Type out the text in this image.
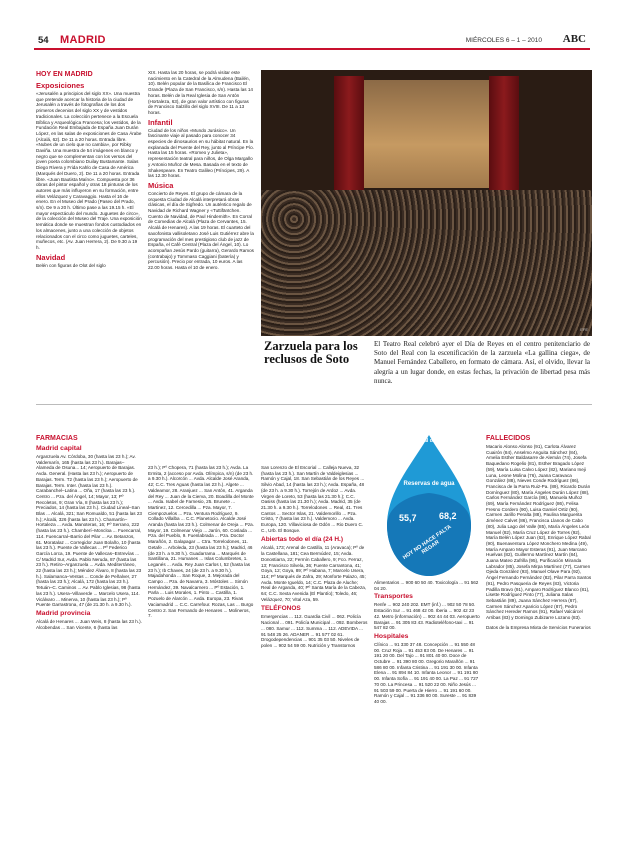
54 MADRID	MIÉRCOLES 6 – 1 – 2010 ABC
HOY EN MADRID
Exposiciones

«Jerusalén a principios del siglo XX». Una muestra que pretende acercar la historia de la ciudad de Jerusalén a través de fotografías de los dos primeros decenios del siglo XX y de vestidos tradicionales. La colección pertenece a la Escuela Bíblica y Arqueológica Francesa; los vestidos, de la Fundación Real Embajada de España Juan Durán López, en las salas de exposiciones de Casa Árabe (Alcalá, 62). De 11 a 20 horas. Entrada libre. «Nubes de un cielo que no cambia», por Ribky Daviña. Una muestra de 54 imágenes en blanco y negro que se complementan con los versos del joven poeta colombiano Duilay Bustamante. Salas Diego Rivera y Frida Kahlo de Casa de América (Marqués del Duero, 2). De 11 a 20 horas. Entrada libre. «Juan Bautista Maíno». Compuesta por 36 obras del pintor español y otras 18 pinturas de los autores que más influyeron en su formación, entre ellos Velázquez y Caravaggio. Hasta el 16 de enero. En el Museo del Prado (Paseo del Prado, s/n). De 9 a 20 h. Último pase a las 19.15 h. «El mayor espectáculo del mundo. Juguetes de circo», de la colección del Museo del Traje. Una exposición temática donde se muestran fondos custodiados en los almacenes, junto a una colección de objetos relacionados con el circo como juguetes, carteles, muñecos, etc. (Av. Juan Herrera, 2). De 9.30 a 19 h.

Navidad

Belén con figuras de Olot del siglo

XIX. Hasta las 20 horas, se podrá visitar este nacimiento en la Catedral de la Almudena (Bailén, 10). Belén popular de la Basílica de Francisco El Grande (Plaza de San Francisco, s/n). Hasta las 14 horas. Belén de la Real Iglesia de San Antón (Hortaleza, 63), de gran valor artístico con figuras de Francisco Salzillo del siglo XVIII. De 11 a 13 horas.

Infantil

Ciudad de los niños «Mundo Jurásico». Un fascinante viaje al pasado para conocer 34 especies de dinosaurios en su hábitat natural. En la explanada del Puente del Rey, junto al Príncipe Pío. Hasta las 15 horas. «Romeo y Julieta», representación teatral para niños, de Olga Margallo y Antonio Muñoz de Mesa. Basada en el texto de Shakespeare. En Teatro Galileo (Príncipes, 29). A las 12.30 horas.

Música

Concierto de Reyes. El grupo de cámara de la orquesta Ciudad de Alcalá interpretará obras clásicas, el día de Sigfredo. Un auténtico regalo de Navidad de Richard Wagner y «Tuttifäntchen. Cuento de Navidad, de Paul Hindemith». En Corral de Comedias de Alcalá (Plaza de Cervantes, 15. Alcalá de Henares). A las 19 horas. El cuarteto del saxofonista vallisoletano José Luis Gutiérrez abre la programación del mes prestigioso club de jazz de España, el Café Central (Plaza del Ángel, 10). Lo acompañan Jesús Pardo (guitarra), Gerardo Ramos (contrabajo) y Tommaso Caggiani (batería) y percusión). Precio por entrada, 10 euros. A las 22.00 horas. Hasta el 10 de enero.

EFE
Zarzuela para los reclusos de Soto
El Teatro Real celebró ayer el Día de Reyes en el centro penitenciario de Soto del Real con la escenificación de la zarzuela «La gallina ciega», de Manuel Fernández Caballero, en formato de cámara. Así, el olvido, llevar la alegría a un lugar donde, en estas fechas, la privación de libertad pesa más nunca.
FARMACIAS
Madrid capital

Arganzuela Av. Córdoba, 30 (hasta las 23 h.); Av. Valdemarín, 165 (hasta las 23 h.). Barajas–Alameda de Osuna... 14; Aeropuerto de Barajas. Avda. General. (Hasta las 23 h.); Aeropuerto de Barajas. Term. T2 (hasta las 23 h.); Aeropuerto de Barajas. Term. Inter. (hasta las 23 h.). Carabanchel–Latina ... Oña, 17 (hasta las 23 h.). Centro ... Pza. del Ángel, 14; Mayor, 13; Pº Recoletos, 9; Gran Vía, 8 (hasta las 23 h.); Preciados, 14 (hasta las 23 h.). Ciudad Lineal–San Blas ... Alcalá, 321; San Romualdo, 51 (hasta las 23 h.); Alcalá, 326 (hasta las 23 h.). Chamartín–Hortaleza ... Avda. Manoteras, 16; Pº Serrano, 222 (hasta las 23 h.). Chamberí–Moncloa ... Fuencarral, 114. Fuencarral–Barrio del Pilar ... Av. Betanzos, 61. Moratalaz ... Corregidor Juan Bolaño, 10 (hasta las 23 h.). Puente de Vallecas ... Pº Federico García Lorca, 19. Puente de Vallecas–Entrevías ... C/ Madrid Sur, Avda. Pablo Neruda, 87 (hasta las 23 h.). Retiro–Arganzuela ... Avda. Mediterráneo, 22 (hasta las 23 h.); Méndez Álvaro, 8 (hasta las 23 h.). Salamanca–Ventas ... Conde de Peñalver, 27 (hasta las 23 h.); Alcalá, 172 (hasta las 23 h.). Tetuán–C. Caminos ... Av. Pablo Iglesias, 98 (hasta las 23 h.). Usera–Villaverde ... Marcelo Usera, 114. Vicálvaro ... Minerva, 10 (hasta las 23 h.); Pº Puente Garrastrona, 47 (de 21.30 h. a 9.30 h.).

Madrid provincia

Alcalá de Henares ... Juan Weis, 8 (hasta las 23 h.). Alcobendas ... San Vicente, 6 (hasta las

23 h.); Pº Chopera, 71 (hasta las 23 h.); Avda. La Ermita, 2 (acceso por Avda. Olímpica, s/n) (de 23 h. a 9.30 h.). Alcorcón ... Avda. Alcalde José Aranda, 42; C.C. Tres Aguas (hasta las 23 h.). Algete ... Valdeamor, 28. Aranjuez ... San Antón, 41. Arganda del Rey ... Juan de la Cierva, 20. Boadilla del Monte ... Avda. Isabel de Farnesio, 25. Brunete ... Martinez, 12. Cercedilla ... Pza. Mayor, 7. Ciempozuelos ... Pza. Ventura Rodríguez, 9. Collado Villalba ... C.C. Planetocio. Alcalde José Aranda (hasta las 23 h.). Colmenar de Oreja ... Pza. Mayor, 19. Colmenar Viejo ... Jarón, 60. Coslada ... Pza. del Pueblo, 9. Fuenlabrada ... Pza. Doctor Marañón, 2. Galapagar ... Ctra. Torrelodones, 11. Getafe ... Arboleda, 23 (hasta las 23 h.); Madrid, 46 (de 23 h. a 9.30 h.). Guadarrama ... Marqués de Santillana, 21. Humanes ... Islas Columbretes, 1. Leganés ... Avda. Rey Juan Carlos I, 52 (hasta las 23 h.); Ib Chaves, 24 (de 23 h. a 9.30 h.). Majadahonda ... San Roque, 3. Mejorada del Campo ... Pza. de Navarra, 3. Móstoles ... Simón Hernández, 39. Navalcarnero ... Pº Estación, 1. Parla ... Luis Morales, 1. Pinto ... Castilla, 1. Pozuelo de Alarcón ... Avda. Europa, 23. Rivas Vaciamadrid ... C.C. Carrefour. Rozas, Las ... Burgo Centro 2. San Fernando de Henares ... Molineros, 7.

San Lorenzo de El Escorial ... Calleja Nueva, 32 (hasta las 23 h.). San Martín de Valdeiglesias ... Ramón y Cajal, 18. San Sebastián de los Reyes ... Silvio Abad, 14 (hasta las 23 h.); Avda. España, 48 (de 23 h. a 9.30 h.). Torrejón de Ardoz ... Avda. Virgen de Loreto, 53 (hasta las 21.30 h.); C.C. Oasiss (hasta las 21.30 h.); Avda. Madrid, 35 (de 21.30 h. a 9.30 h.). Torrelodones ... Real, 41. Tres Cantos ... Sector Islas, 21. Valdemorillo ... Pza. Cristo, 7 (hasta las 23 h.). Valdemoro ... Avda. Europa, 120. Villaviciosa de Odón ... Rio Duero C. C., Urb. El Bosque.

Abiertas todo el día (24 H.)

Alcalá, 173; Arenal de Castilla, 11 (Aravaca); Pº de la Castellana, 181; Cea Bermúdez, 15; Avda. Donostiarra, 22; Fermín Caballero, 9; Fco. Ferraz, 13; Francisco Silvela, 36; Fuente Carrantona, 41; Goya, 12; Goya, 89; Pº Habana, 7; Marcelo Usera, 114; Pº Marqués de Zafra, 29; Monforte Palazo, 45; Avda. Monte Igueldo, 14; C.C. Plaza de Aluche; Real de Arganda, 40; Pº Santa María de la Cabeza, 64; C.C. Sexta Avenida (El Plantío); Toledo, 46; Velázquez, 70; Vital Aza, 59.

TELÉFONOS

Emergencias ... 112. Guardia Civil ... 062. Policía Nacional ... 091. Policía Municipal ... 092. Bomberos ... 080. Samur ... 112. Summa ... 112. ADEVIDA ... 91 548 25 26. ADANER ... 91 577 02 61. Drogodependencias ... 901 35 03 50. Niveles de polen ... 902 54 59 00. Nutrición y Transtornos

Canal de Isabel II
Reservas de agua
55,7 68,2
HOY NO HACE FALTA REGAR

Alimentarios ... 900 60 50 40. Toxicología ... 91 562 04 20.

Transportes

Renfe ... 902 240 202. EMT (inf.) ... 902 50 78 50. Estación Sur ... 91 468 42 00. Iberia ... 902 42 23 42. Metro (información) ... 902 44 44 03. Aeropuerto Barajas ... 91 305 83 43. Radioteléfono-taxi ... 91 547 82 00.

Hospitales

Clínico ... 91 330 37 48. Concepción ... 91 550 48 00. Cruz Roja ... 91 453 83 00. De Henares ... 91 191 20 00. Del Tajo ... 91 801 40 00. Doce de Octubre ... 91 390 80 00. Gregorio Marañón ... 91 586 80 00. Infanta Cristina ... 91 191 30 00. Infanta Elena ... 91 894 84 10. Infanta Leonor ... 91 191 80 00. Infanta Sofía ... 91 191 40 00. La Paz ... 91 727 70 00. La Princesa ... 91 520 22 00. Niño Jesús ... 91 503 59 00. Puerta de Hierro ... 91 191 60 00. Ramón y Cajal ... 91 336 80 00. Sureste ... 91 839 40 00.

FALLECIDOS

Macario Alonso Alonso (91), Carlota Álvarez Cuairón (84), Anselmo Anguita Sánchez (84), Amelia Esther Baldasarre de Alemán (74), Josefa Baquedano Rogelio (81), Esther Bragado López (59), María Luisa Calvo López (82), Mariano Ineji Luna, Leone Molina (76), Juana Caravaca González (88), Nieves Conde Rodríguez (86), Francisca de la Parra Ruiz-Pa. (89), Ricardo Durán Domínguez (80), María Ángeles Durán López (88), Carlos Fernández García (86), Manuela Muñoz (69), María Fernández Rodríguez (86), Felisa Fresno Cordero (90), Luisa Gamiel Ortiz (90), Carmen Jarillo Peralta (88), Paulina Marguerita Jiménez Calvet (86), Francisca Llanos de Cabo (80), Julia Lago del Valle (85), María Ángeles León Manuel (82), María Cruz López de Torres (92), María Belén López Juan (62), Enrique López Rabal (90), Buenaventura López Monchero Medina (49), María Amparo Mayor Esteras (91), Juan Marcano Huelvas (82), Guillermo Martínez Martín (84), Juana Mateo Zafrilla (95), Purificación Miranda Labrador (85), Josefa Mirpa Martínez (77), Carmen Ojeda González (93), Manuel Olave Para (92), Ángel Fernando Fernández (82), Pilar Parra Santos (91), Pedro Pasqueria de Reyes (83), Victoria Padilla Bravo (91), Amparo Rodríguez Blanco (81), Lisette Rodríguez Pinto (77), Juliana Salas Sebastián (89), Juana Sánchez Herrera (67), Carmen Sánchez Aparicio López (87), Pedro Sánchez Hereder Ramos (91), Rafael Valcárcel Arribas (83) y Domingo Zubizarre Lozano (83).

Datos de la Empresa Mixta de Servicios Funerarios
